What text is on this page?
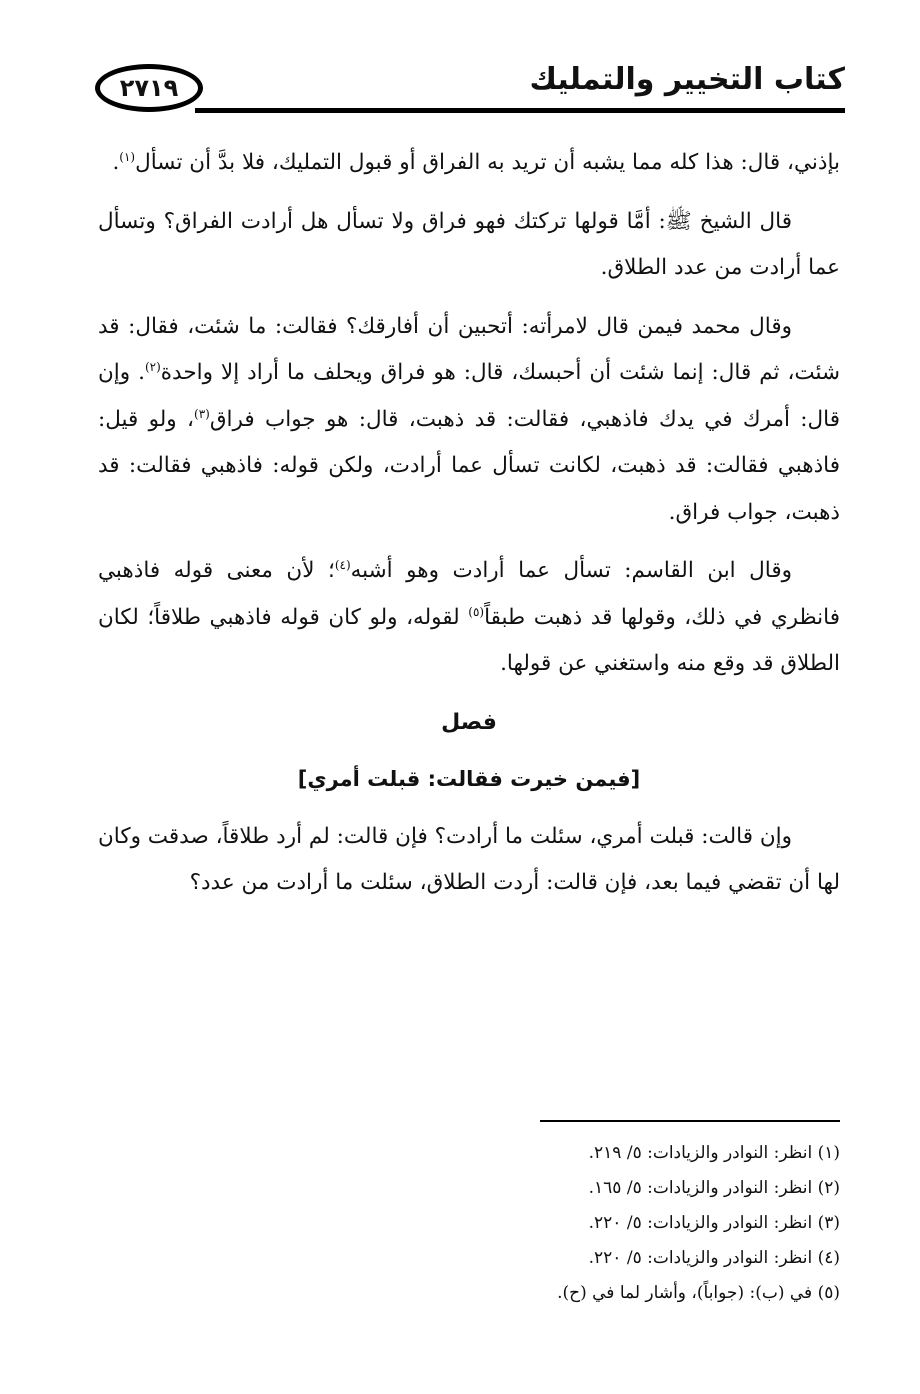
٢٧١٩	كتاب التخيير والتمليك

بإذني، قال: هذا كله مما يشبه أن تريد به الفراق أو قبول التمليك، فلا بدَّ أن تسأل$^{(١)}$.

قال الشيخ ﷺ: أمَّا قولها تركتك فهو فراق ولا تسأل هل أرادت الفراق؟ وتسأل عما أرادت من عدد الطلاق.

وقال محمد فيمن قال لامرأته: أتحبين أن أفارقك؟ فقالت: ما شئت، فقال: قد شئت، ثم قال: إنما شئت أن أحبسك، قال: هو فراق ويحلف ما أراد إلا واحدة$^{(٢)}$. وإن قال: أمرك في يدك فاذهبي، فقالت: قد ذهبت، قال: هو جواب فراق$^{(٣)}$، ولو قيل: فاذهبي فقالت: قد ذهبت، لكانت تسأل عما أرادت، ولكن قوله: فاذهبي فقالت: قد ذهبت، جواب فراق.

وقال ابن القاسم: تسأل عما أرادت وهو أشبه$^{(٤)}$؛ لأن معنى قوله فاذهبي فانظري في ذلك، وقولها قد ذهبت طبقاً$^{(٥)}$ لقوله، ولو كان قوله فاذهبي طلاقاً؛ لكان الطلاق قد وقع منه واستغني عن قولها.

فصل
[فيمن خيرت فقالت: قبلت أمري]

وإن قالت: قبلت أمري، سئلت ما أرادت؟ فإن قالت: لم أرد طلاقاً، صدقت وكان لها أن تقضي فيما بعد، فإن قالت: أردت الطلاق، سئلت ما أرادت من عدد؟

(١) انظر: النوادر والزيادات: ٥/ ٢١٩.
(٢) انظر: النوادر والزيادات: ٥/ ١٦٥.
(٣) انظر: النوادر والزيادات: ٥/ ٢٢٠.
(٤) انظر: النوادر والزيادات: ٥/ ٢٢٠.
(٥) في (ب): (جواباً)، وأشار لما في (ح).
